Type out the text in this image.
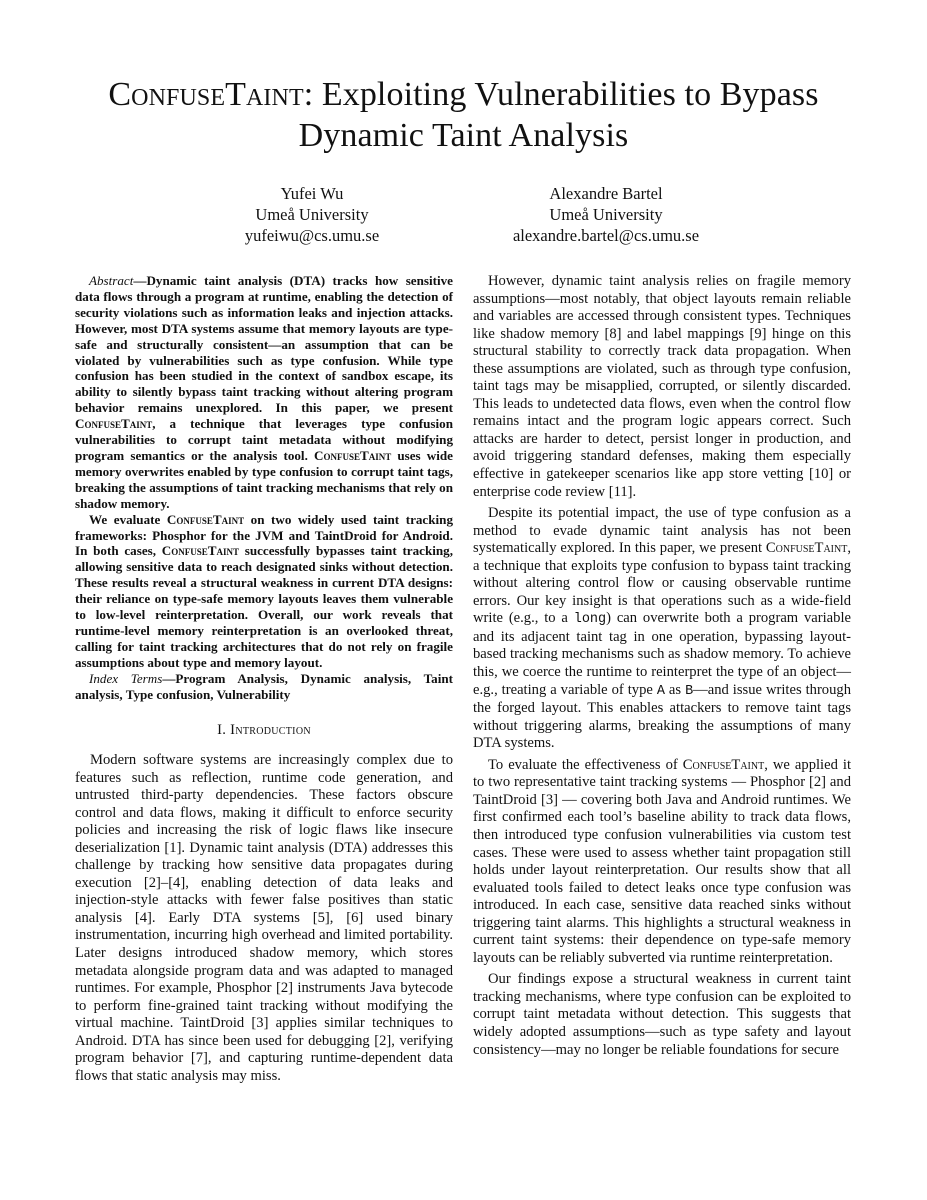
ConfuseTaint: Exploiting Vulnerabilities to Bypass Dynamic Taint Analysis
Yufei Wu
Umeå University
yufeiwu@cs.umu.se
Alexandre Bartel
Umeå University
alexandre.bartel@cs.umu.se

Abstract—Dynamic taint analysis (DTA) tracks how sensitive data flows through a program at runtime, enabling the detection of security violations such as information leaks and injection attacks. However, most DTA systems assume that memory layouts are type-safe and structurally consistent—an assumption that can be violated by vulnerabilities such as type confusion. While type confusion has been studied in the context of sandbox escape, its ability to silently bypass taint tracking without altering program behavior remains unexplored. In this paper, we present ConfuseTaint, a technique that leverages type confusion vulnerabilities to corrupt taint metadata without modifying program semantics or the analysis tool. ConfuseTaint uses wide memory overwrites enabled by type confusion to corrupt taint tags, breaking the assumptions of taint tracking mechanisms that rely on shadow memory.

We evaluate ConfuseTaint on two widely used taint tracking frameworks: Phosphor for the JVM and TaintDroid for Android. In both cases, ConfuseTaint successfully bypasses taint tracking, allowing sensitive data to reach designated sinks without detection. These results reveal a structural weakness in current DTA designs: their reliance on type-safe memory layouts leaves them vulnerable to low-level reinterpretation. Overall, our work reveals that runtime-level memory reinterpretation is an overlooked threat, calling for taint tracking architectures that do not rely on fragile assumptions about type and memory layout.

Index Terms—Program Analysis, Dynamic analysis, Taint analysis, Type confusion, Vulnerability

I. Introduction

Modern software systems are increasingly complex due to features such as reflection, runtime code generation, and untrusted third-party dependencies. These factors obscure control and data flows, making it difficult to enforce security policies and increasing the risk of logic flaws like insecure deserialization [1]. Dynamic taint analysis (DTA) addresses this challenge by tracking how sensitive data propagates during execution [2]–[4], enabling detection of data leaks and injection-style attacks with fewer false positives than static analysis [4]. Early DTA systems [5], [6] used binary instrumentation, incurring high overhead and limited portability. Later designs introduced shadow memory, which stores metadata alongside program data and was adapted to managed runtimes. For example, Phosphor [2] instruments Java bytecode to perform fine-grained taint tracking without modifying the virtual machine. TaintDroid [3] applies similar techniques to Android. DTA has since been used for debugging [2], verifying program behavior [7], and capturing runtime-dependent data flows that static analysis may miss.

However, dynamic taint analysis relies on fragile memory assumptions—most notably, that object layouts remain reliable and variables are accessed through consistent types. Techniques like shadow memory [8] and label mappings [9] hinge on this structural stability to correctly track data propagation. When these assumptions are violated, such as through type confusion, taint tags may be misapplied, corrupted, or silently discarded. This leads to undetected data flows, even when the control flow remains intact and the program logic appears correct. Such attacks are harder to detect, persist longer in production, and avoid triggering standard defenses, making them especially effective in gatekeeper scenarios like app store vetting [10] or enterprise code review [11].

Despite its potential impact, the use of type confusion as a method to evade dynamic taint analysis has not been systematically explored. In this paper, we present ConfuseTaint, a technique that exploits type confusion to bypass taint tracking without altering control flow or causing observable runtime errors. Our key insight is that operations such as a wide-field write (e.g., to a long) can overwrite both a program variable and its adjacent taint tag in one operation, bypassing layout-based tracking mechanisms such as shadow memory. To achieve this, we coerce the runtime to reinterpret the type of an object—e.g., treating a variable of type A as B—and issue writes through the forged layout. This enables attackers to remove taint tags without triggering alarms, breaking the assumptions of many DTA systems.

To evaluate the effectiveness of ConfuseTaint, we applied it to two representative taint tracking systems — Phosphor [2] and TaintDroid [3] — covering both Java and Android runtimes. We first confirmed each tool’s baseline ability to track data flows, then introduced type confusion vulnerabilities via custom test cases. These were used to assess whether taint propagation still holds under layout reinterpretation. Our results show that all evaluated tools failed to detect leaks once type confusion was introduced. In each case, sensitive data reached sinks without triggering taint alarms. This highlights a structural weakness in current taint systems: their dependence on type-safe memory layouts can be reliably subverted via runtime reinterpretation.

Our findings expose a structural weakness in current taint tracking mechanisms, where type confusion can be exploited to corrupt taint metadata without detection. This suggests that widely adopted assumptions—such as type safety and layout consistency—may no longer be reliable foundations for secure
